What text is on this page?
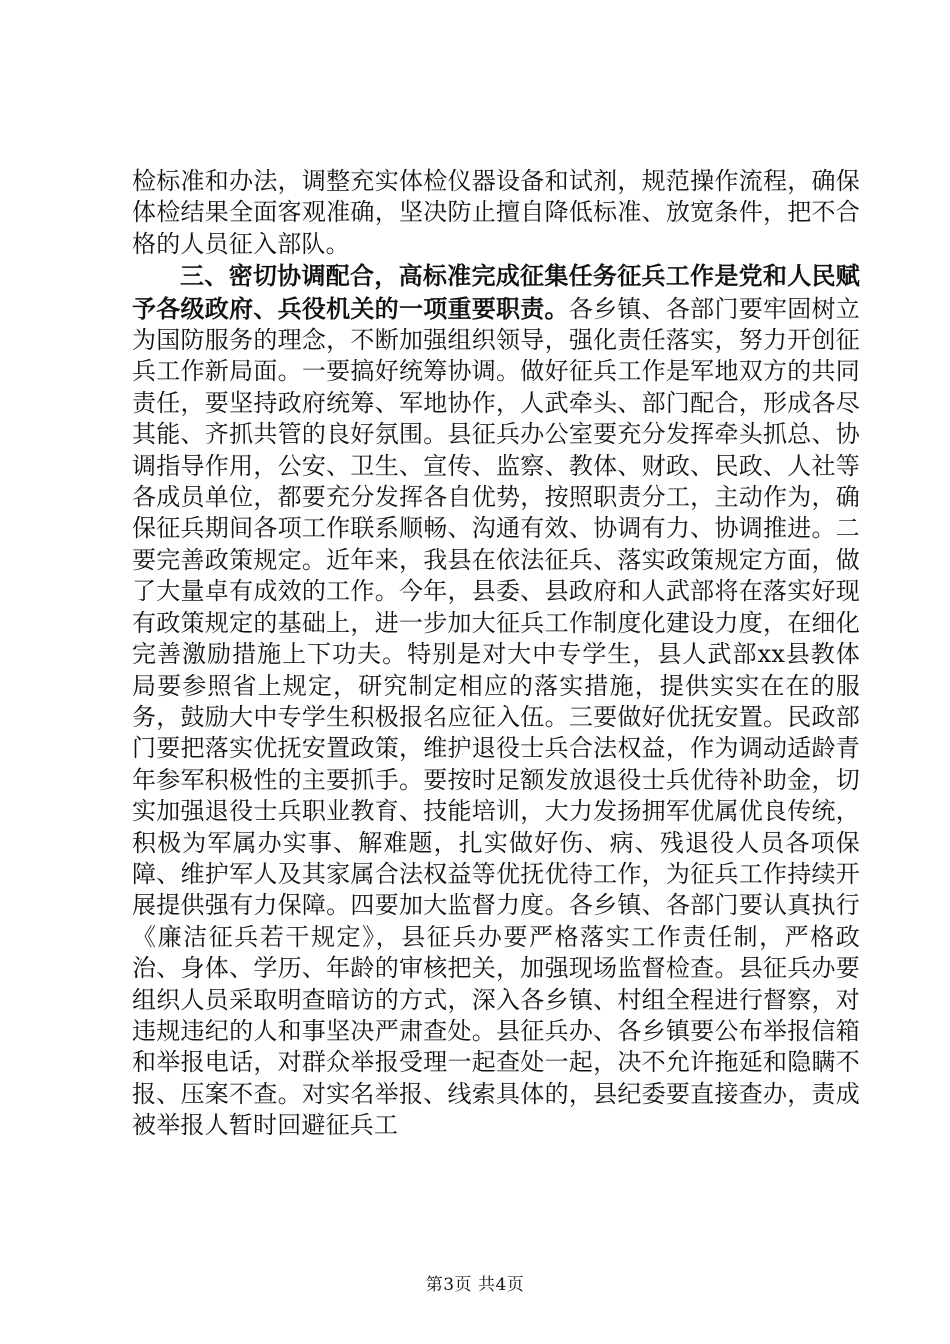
检标准和办法，调整充实体检仪器设备和试剂，规范操作流程，确保体检结果全面客观准确，坚决防止擅自降低标准、放宽条件，把不合格的人员征入部队。

三、密切协调配合，高标准完成征集任务征兵工作是党和人民赋予各级政府、兵役机关的一项重要职责。各乡镇、各部门要牢固树立为国防服务的理念，不断加强组织领导，强化责任落实，努力开创征兵工作新局面。一要搞好统筹协调。做好征兵工作是军地双方的共同责任，要坚持政府统筹、军地协作，人武牵头、部门配合，形成各尽其能、齐抓共管的良好氛围。县征兵办公室要充分发挥牵头抓总、协调指导作用，公安、卫生、宣传、监察、教体、财政、民政、人社等各成员单位，都要充分发挥各自优势，按照职责分工，主动作为，确保征兵期间各项工作联系顺畅、沟通有效、协调有力、协调推进。二要完善政策规定。近年来，我县在依法征兵、落实政策规定方面，做了大量卓有成效的工作。今年，县委、县政府和人武部将在落实好现有政策规定的基础上，进一步加大征兵工作制度化建设力度，在细化完善激励措施上下功夫。特别是对大中专学生，县人武部xx县教体局要参照省上规定，研究制定相应的落实措施，提供实实在在的服务，鼓励大中专学生积极报名应征入伍。三要做好优抚安置。民政部门要把落实优抚安置政策，维护退役士兵合法权益，作为调动适龄青年参军积极性的主要抓手。要按时足额发放退役士兵优待补助金，切实加强退役士兵职业教育、技能培训，大力发扬拥军优属优良传统，积极为军属办实事、解难题，扎实做好伤、病、残退役人员各项保障、维护军人及其家属合法权益等优抚优待工作，为征兵工作持续开展提供强有力保障。四要加大监督力度。各乡镇、各部门要认真执行《廉洁征兵若干规定》，县征兵办要严格落实工作责任制，严格政治、身体、学历、年龄的审核把关，加强现场监督检查。县征兵办要组织人员采取明查暗访的方式，深入各乡镇、村组全程进行督察，对违规违纪的人和事坚决严肃查处。县征兵办、各乡镇要公布举报信箱和举报电话，对群众举报受理一起查处一起，决不允许拖延和隐瞒不报、压案不查。对实名举报、线索具体的，县纪委要直接查办，责成被举报人暂时回避征兵工

第3页 共4页
